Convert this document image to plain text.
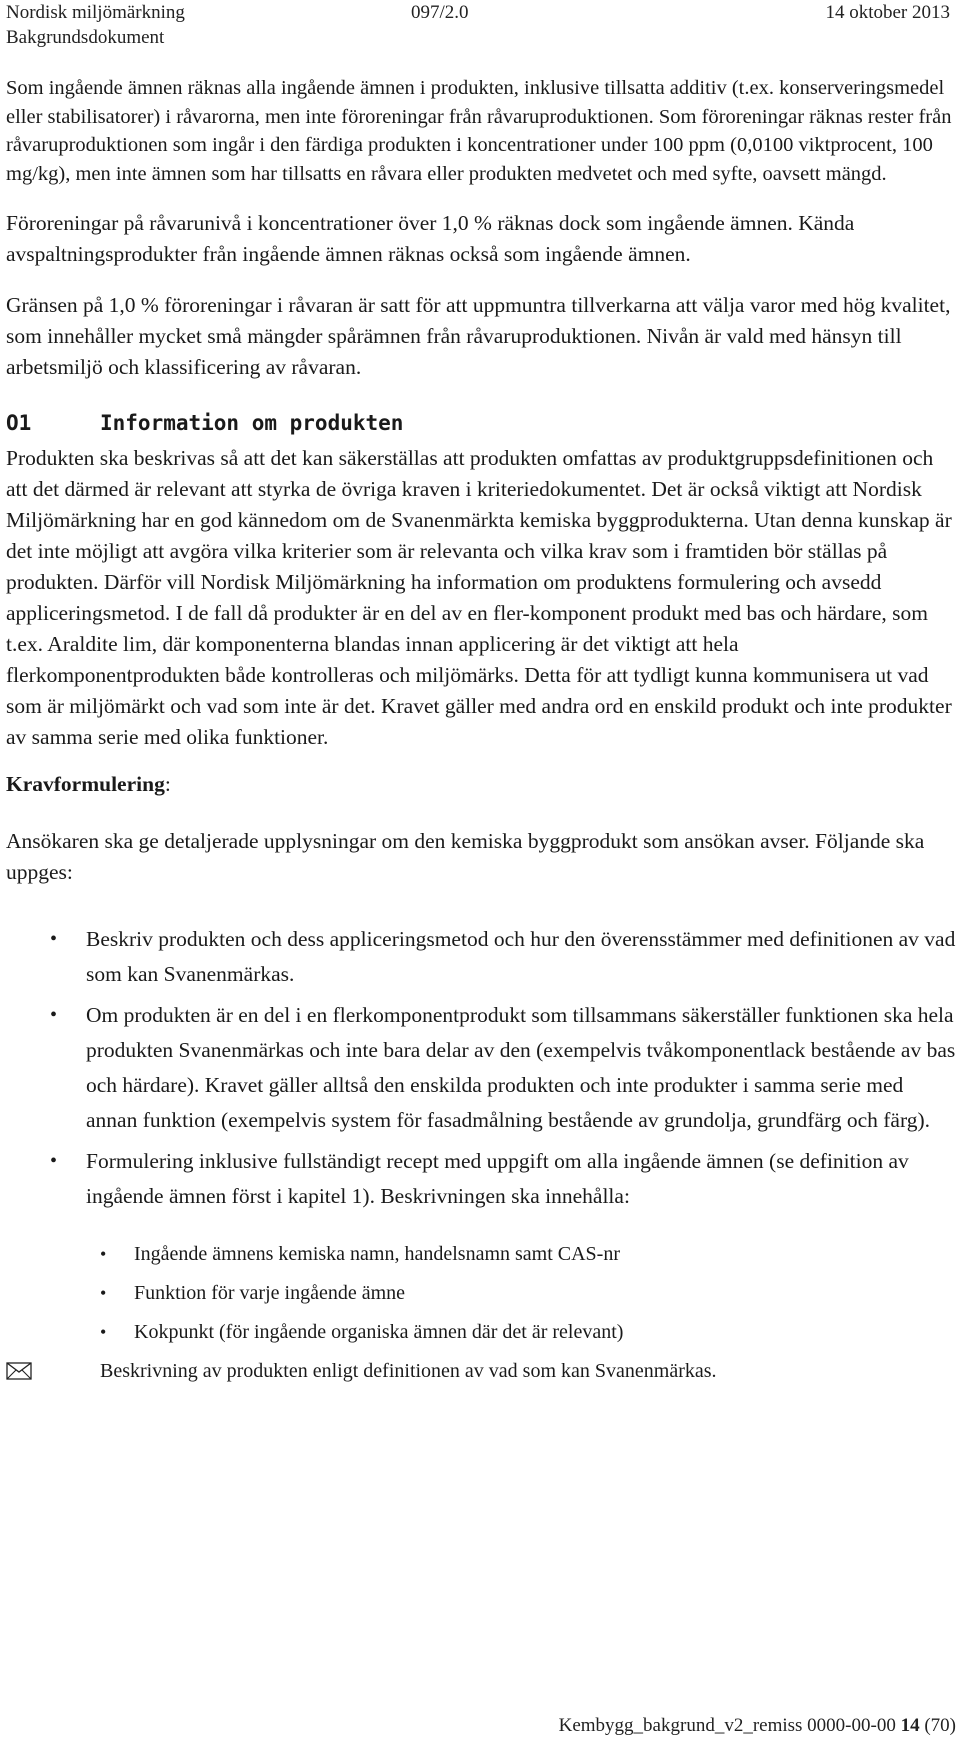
Nordisk miljömärkning	097/2.0	14 oktober 2013
Bakgrundsdokument

Som ingående ämnen räknas alla ingående ämnen i produkten, inklusive tillsatta additiv (t.ex. konserveringsmedel eller stabilisatorer) i råvarorna, men inte föroreningar från råvaruproduktionen. Som föroreningar räknas rester från råvaruproduktionen som ingår i den färdiga produkten i koncentrationer under 100 ppm (0,0100 viktprocent, 100 mg/kg), men inte ämnen som har tillsatts en råvara eller produkten medvetet och med syfte, oavsett mängd.

Föroreningar på råvarunivå i koncentrationer över 1,0 % räknas dock som ingående ämnen. Kända avspaltningsprodukter från ingående ämnen räknas också som ingående ämnen.

Gränsen på 1,0 % föroreningar i råvaran är satt för att uppmuntra tillverkarna att välja varor med hög kvalitet, som innehåller mycket små mängder spårämnen från råvaruproduktionen. Nivån är vald med hänsyn till arbetsmiljö och klassificering av råvaran.

O1	Information om produkten

Produkten ska beskrivas så att det kan säkerställas att produkten omfattas av produktgruppsdefinitionen och att det därmed är relevant att styrka de övriga kraven i kriteriedokumentet. Det är också viktigt att Nordisk Miljömärkning har en god kännedom om de Svanenmärkta kemiska byggprodukterna. Utan denna kunskap är det inte möjligt att avgöra vilka kriterier som är relevanta och vilka krav som i framtiden bör ställas på produkten. Därför vill Nordisk Miljömärkning ha information om produktens formulering och avsedd appliceringsmetod. I de fall då produkter är en del av en fler-komponent produkt med bas och härdare, som t.ex. Araldite lim, där komponenterna blandas innan applicering är det viktigt att hela flerkomponentprodukten både kontrolleras och miljömärks. Detta för att tydligt kunna kommunisera ut vad som är miljömärkt och vad som inte är det. Kravet gäller med andra ord en enskild produkt och inte produkter av samma serie med olika funktioner.

Kravformulering:

Ansökaren ska ge detaljerade upplysningar om den kemiska byggprodukt som ansökan avser. Följande ska uppges:

• Beskriv produkten och dess appliceringsmetod och hur den överensstämmer med definitionen av vad som kan Svanenmärkas.
• Om produkten är en del i en flerkomponentprodukt som tillsammans säkerställer funktionen ska hela produkten Svanenmärkas och inte bara delar av den (exempelvis tvåkomponentlack bestående av bas och härdare). Kravet gäller alltså den enskilda produkten och inte produkter i samma serie med annan funktion (exempelvis system för fasadmålning bestående av grundolja, grundfärg och färg).
• Formulering inklusive fullständigt recept med uppgift om alla ingående ämnen (se definition av ingående ämnen först i kapitel 1). Beskrivningen ska innehålla:
• Ingående ämnens kemiska namn, handelsnamn samt CAS-nr
• Funktion för varje ingående ämne
• Kokpunkt (för ingående organiska ämnen där det är relevant)
Beskrivning av produkten enligt definitionen av vad som kan Svanenmärkas.
Kembygg_bakgrund_v2_remiss 0000-00-00 14 (70)
